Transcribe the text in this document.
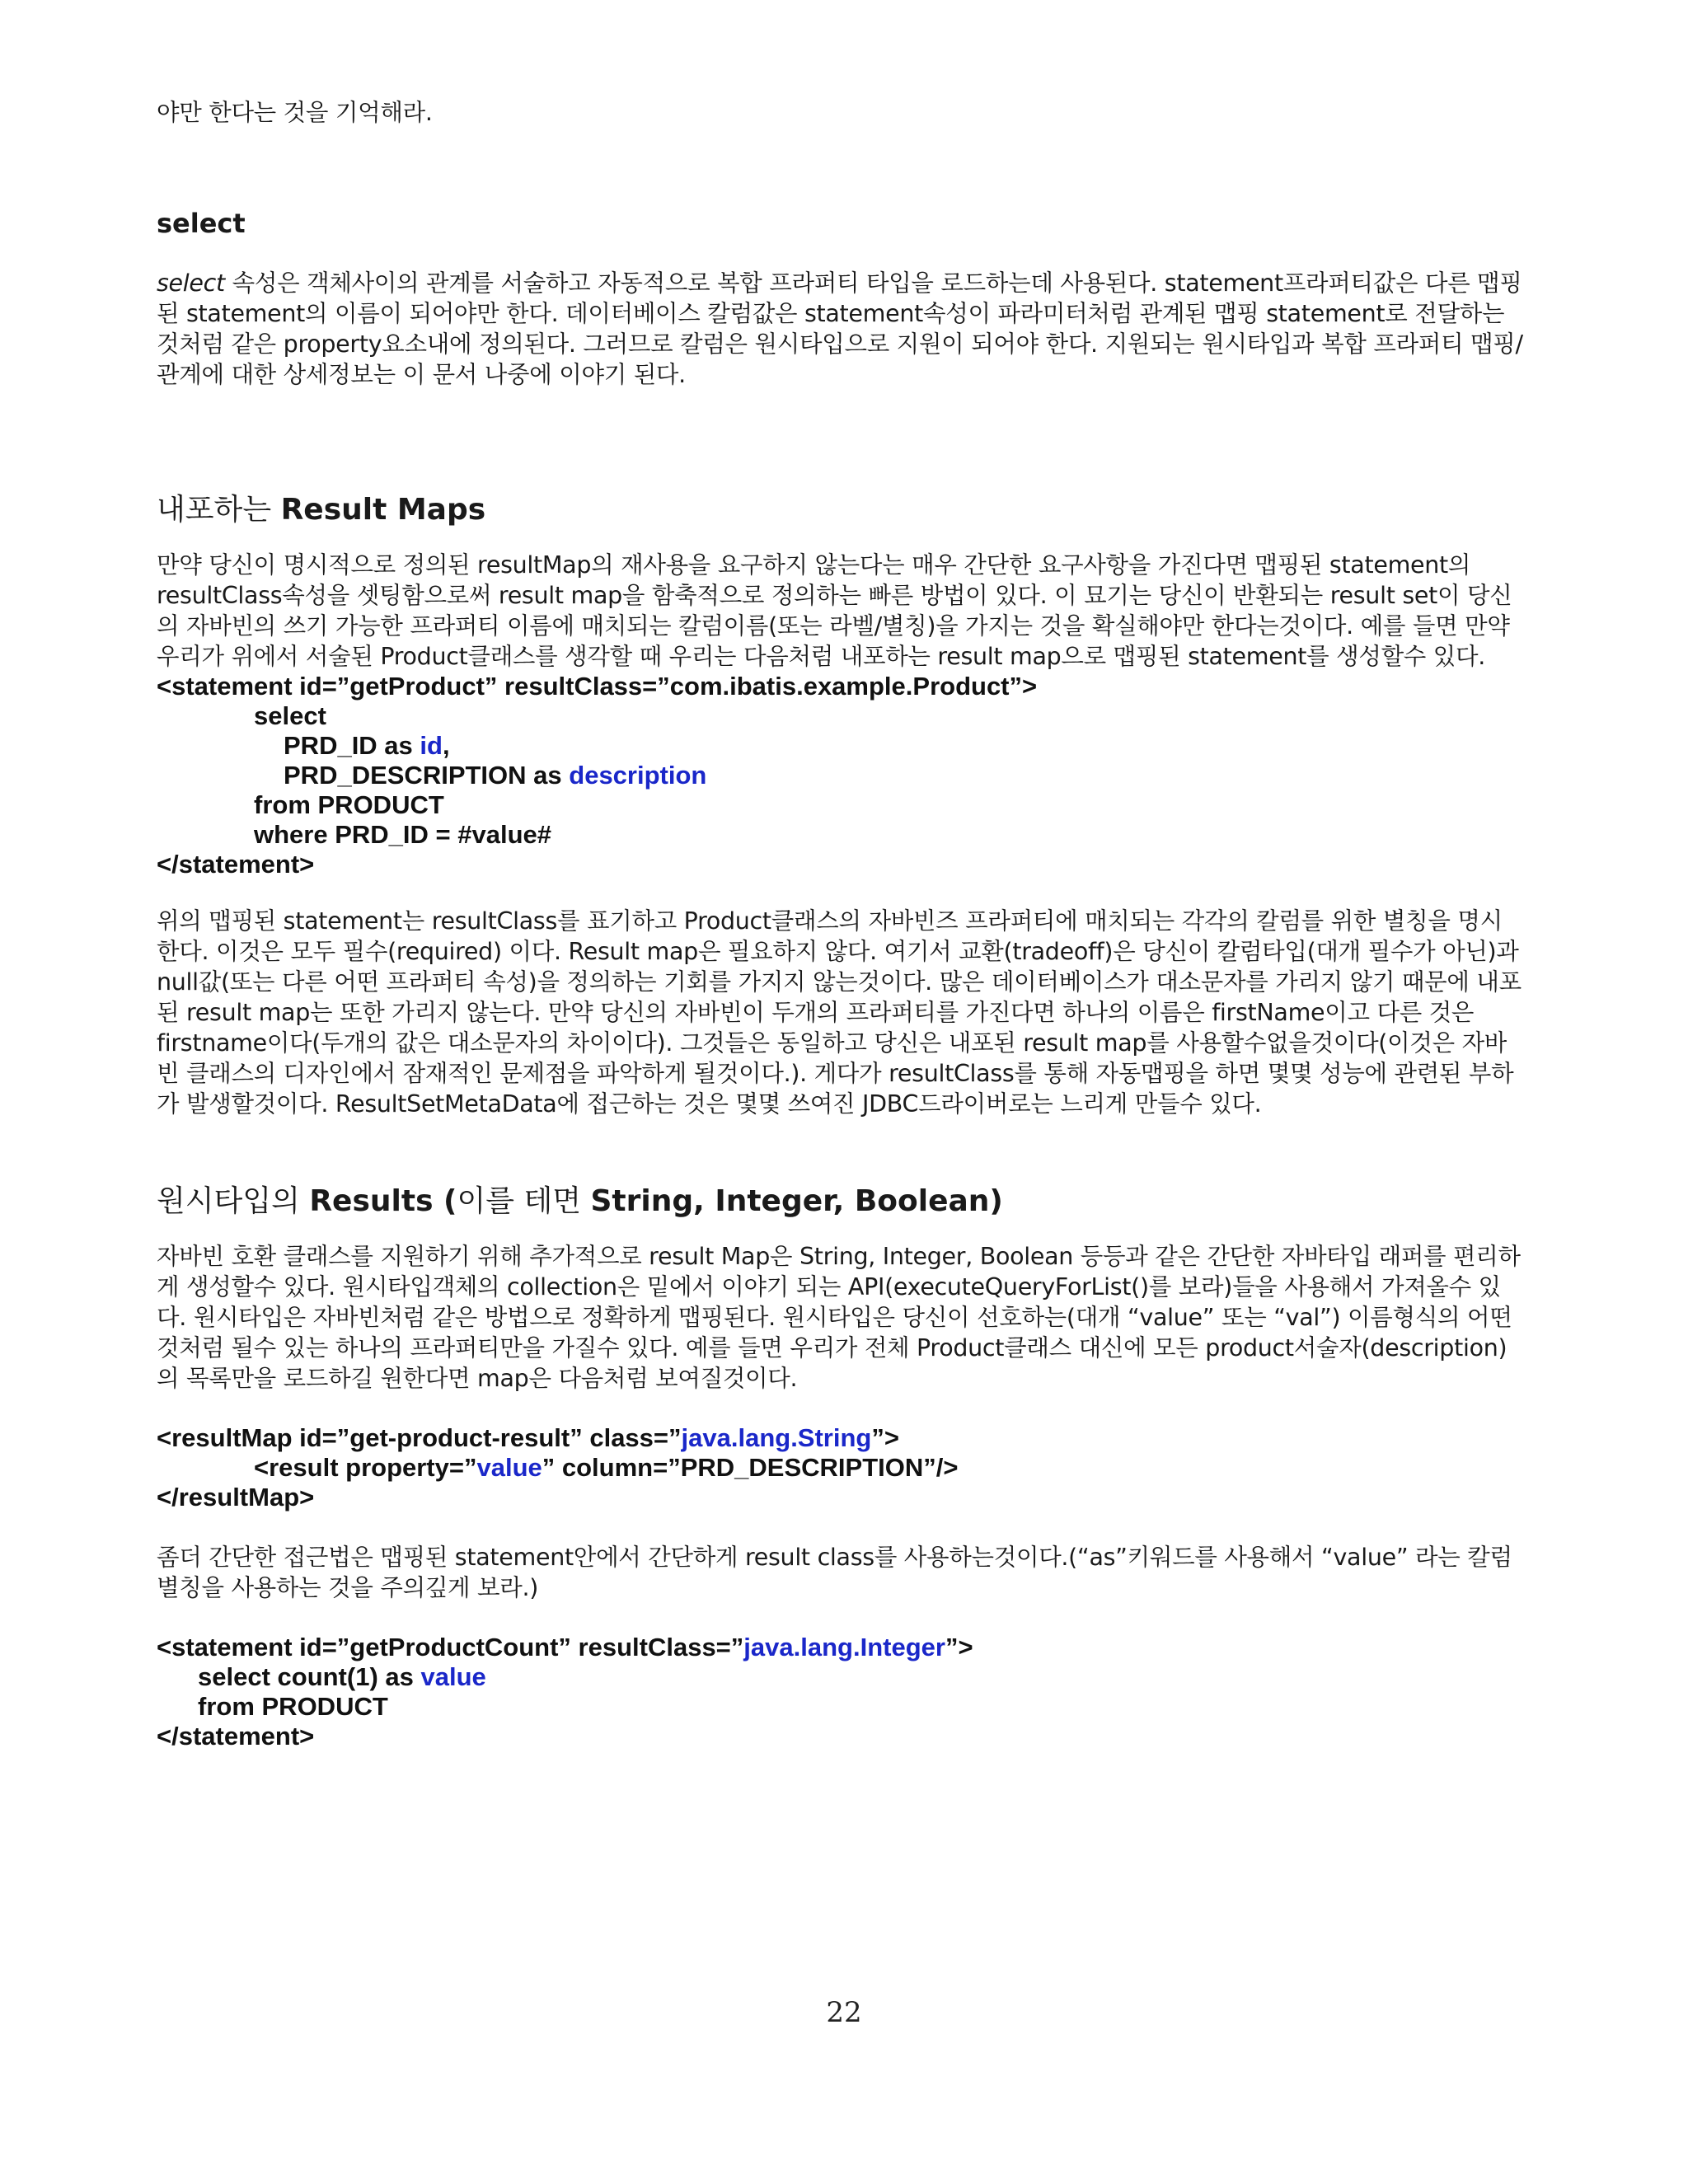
야만 한다는 것을 기억해라.

select

select 속성은 객체사이의 관계를 서술하고 자동적으로 복합 프라퍼티 타입을 로드하는데 사용된다. statement프라퍼티값은 다른 맵핑된 statement의 이름이 되어야만 한다. 데이터베이스 칼럼값은 statement속성이 파라미터처럼 관계된 맵핑 statement로 전달하는것처럼 같은 property요소내에 정의된다. 그러므로 칼럼은 원시타입으로 지원이 되어야 한다. 지원되는 원시타입과 복합 프라퍼티 맵핑/관계에 대한 상세정보는 이 문서 나중에 이야기 된다.

내포하는 Result Maps

만약 당신이 명시적으로 정의된 resultMap의 재사용을 요구하지 않는다는 매우 간단한 요구사항을 가진다면 맵핑된 statement의 resultClass속성을 셋팅함으로써 result map을 함축적으로 정의하는 빠른 방법이 있다. 이 묘기는 당신이 반환되는 result set이 당신의 자바빈의 쓰기 가능한 프라퍼티 이름에 매치되는 칼럼이름(또는 라벨/별칭)을 가지는 것을 확실해야만 한다는것이다. 예를 들면 만약 우리가 위에서 서술된 Product클래스를 생각할 때 우리는 다음처럼 내포하는 result map으로 맵핑된 statement를 생성할수 있다.

<statement id=”getProduct” resultClass=”com.ibatis.example.Product”>
select
PRD_ID as id,
PRD_DESCRIPTION as description
from PRODUCT
where PRD_ID = #value#
</statement>

위의 맵핑된 statement는 resultClass를 표기하고 Product클래스의 자바빈즈 프라퍼티에 매치되는 각각의 칼럼를 위한 별칭을 명시한다. 이것은 모두 필수(required) 이다. Result map은 필요하지 않다. 여기서 교환(tradeoff)은 당신이 칼럼타입(대개 필수가 아닌)과 null값(또는 다른 어떤 프라퍼티 속성)을 정의하는 기회를 가지지 않는것이다. 많은 데이터베이스가 대소문자를 가리지 않기 때문에 내포된 result map는 또한 가리지 않는다. 만약 당신의 자바빈이 두개의 프라퍼티를 가진다면 하나의 이름은 firstName이고 다른 것은 firstname이다(두개의 값은 대소문자의 차이이다). 그것들은 동일하고 당신은 내포된 result map를 사용할수없을것이다(이것은 자바빈 클래스의 디자인에서 잠재적인 문제점을 파악하게 될것이다.). 게다가 resultClass를 통해 자동맵핑을 하면 몇몇 성능에 관련된 부하가 발생할것이다. ResultSetMetaData에 접근하는 것은 몇몇 쓰여진 JDBC드라이버로는 느리게 만들수 있다.

원시타입의 Results (이를 테면 String, Integer, Boolean)

자바빈 호환 클래스를 지원하기 위해 추가적으로 result Map은 String, Integer, Boolean 등등과 같은 간단한 자바타입 래퍼를 편리하게 생성할수 있다. 원시타입객체의 collection은 밑에서 이야기 되는 API(executeQueryForList()를 보라)들을 사용해서 가져올수 있다. 원시타입은 자바빈처럼 같은 방법으로 정확하게 맵핑된다. 원시타입은 당신이 선호하는(대개 “value” 또는 “val”) 이름형식의 어떤것처럼 될수 있는 하나의 프라퍼티만을 가질수 있다. 예를 들면 우리가 전체 Product클래스 대신에 모든 product서술자(description)의 목록만을 로드하길 원한다면 map은 다음처럼 보여질것이다.

<resultMap id=”get-product-result” class=”java.lang.String”>
<result property=”value” column=”PRD_DESCRIPTION”/>
</resultMap>

좀더 간단한 접근법은 맵핑된 statement안에서 간단하게 result class를 사용하는것이다.(“as”키워드를 사용해서 “value” 라는 칼럼별칭을 사용하는 것을 주의깊게 보라.)

<statement id=”getProductCount” resultClass=”java.lang.Integer”>
select count(1) as value
from PRODUCT
</statement>
22
